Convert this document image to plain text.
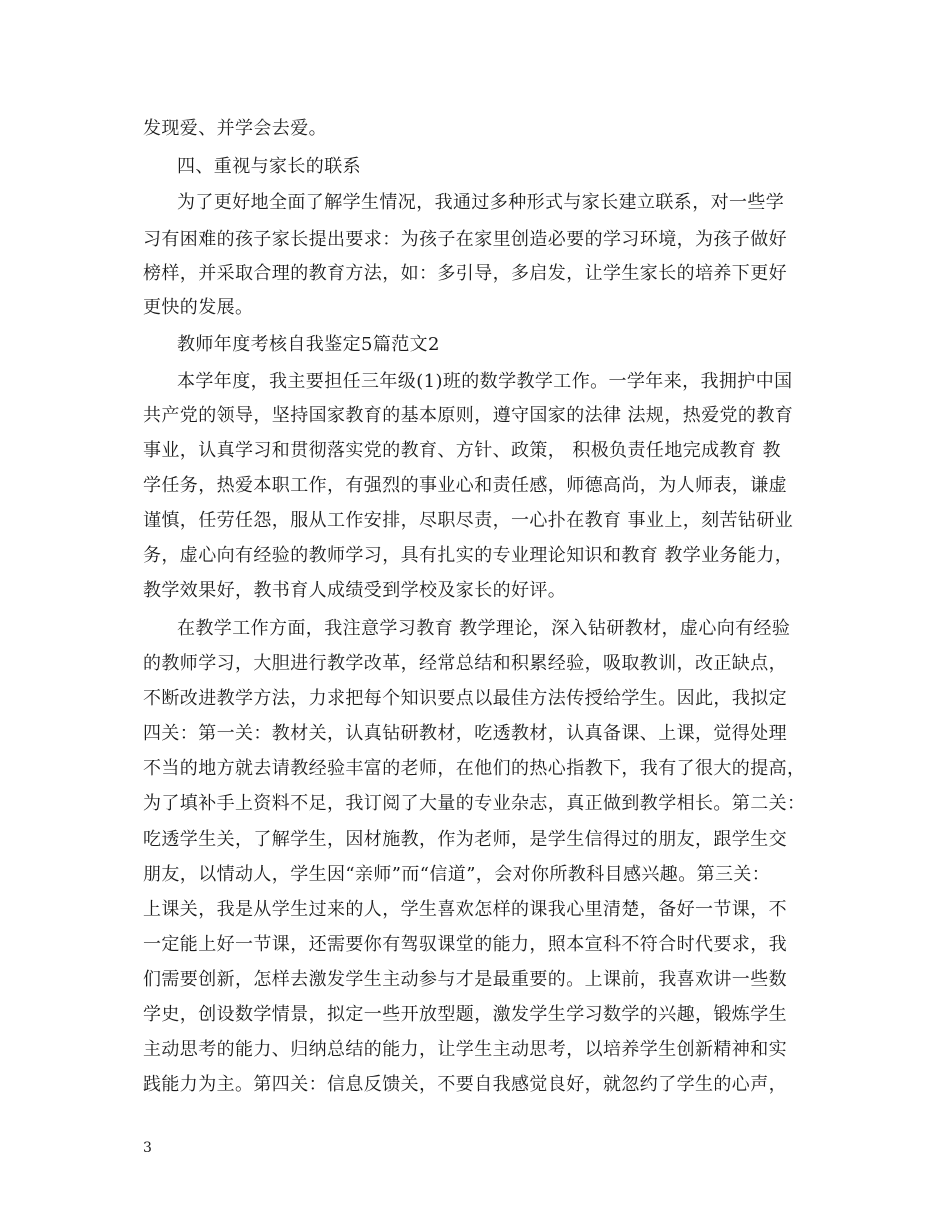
发现爱、并学会去爱。
四、重视与家长的联系
为了更好地全面了解学生情况，我通过多种形式与家长建立联系，对一些学
习有困难的孩子家长提出要求：为孩子在家里创造必要的学习环境，为孩子做好
榜样，并采取合理的教育方法，如：多引导，多启发，让学生家长的培养下更好
更快的发展。
教师年度考核自我鉴定5篇范文2
本学年度，我主要担任三年级(1)班的数学教学工作。一学年来，我拥护中国
共产党的领导，坚持国家教育的基本原则，遵守国家的法律 法规，热爱党的教育
事业，认真学习和贯彻落实党的教育、方针、政策， 积极负责任地完成教育 教
学任务，热爱本职工作，有强烈的事业心和责任感，师德高尚，为人师表，谦虚
谨慎，任劳任怨，服从工作安排，尽职尽责，一心扑在教育 事业上，刻苦钻研业
务，虚心向有经验的教师学习，具有扎实的专业理论知识和教育 教学业务能力，
教学效果好，教书育人成绩受到学校及家长的好评。
在教学工作方面，我注意学习教育 教学理论，深入钻研教材，虚心向有经验
的教师学习，大胆进行教学改革，经常总结和积累经验，吸取教训，改正缺点，
不断改进教学方法，力求把每个知识要点以最佳方法传授给学生。因此，我拟定
四关：第一关：教材关，认真钻研教材，吃透教材，认真备课、上课，觉得处理
不当的地方就去请教经验丰富的老师，在他们的热心指教下，我有了很大的提高，
为了填补手上资料不足，我订阅了大量的专业杂志，真正做到教学相长。第二关：
吃透学生关，了解学生，因材施教，作为老师，是学生信得过的朋友，跟学生交
朋友，以情动人，学生因“亲师”而“信道”，会对你所教科目感兴趣。第三关：
上课关，我是从学生过来的人，学生喜欢怎样的课我心里清楚，备好一节课，不
一定能上好一节课，还需要你有驾驭课堂的能力，照本宣科不符合时代要求，我
们需要创新，怎样去激发学生主动参与才是最重要的。上课前，我喜欢讲一些数
学史，创设数学情景，拟定一些开放型题，激发学生学习数学的兴趣，锻炼学生
主动思考的能力、归纳总结的能力，让学生主动思考，以培养学生创新精神和实
践能力为主。第四关：信息反馈关，不要自我感觉良好，就忽约了学生的心声，
3
